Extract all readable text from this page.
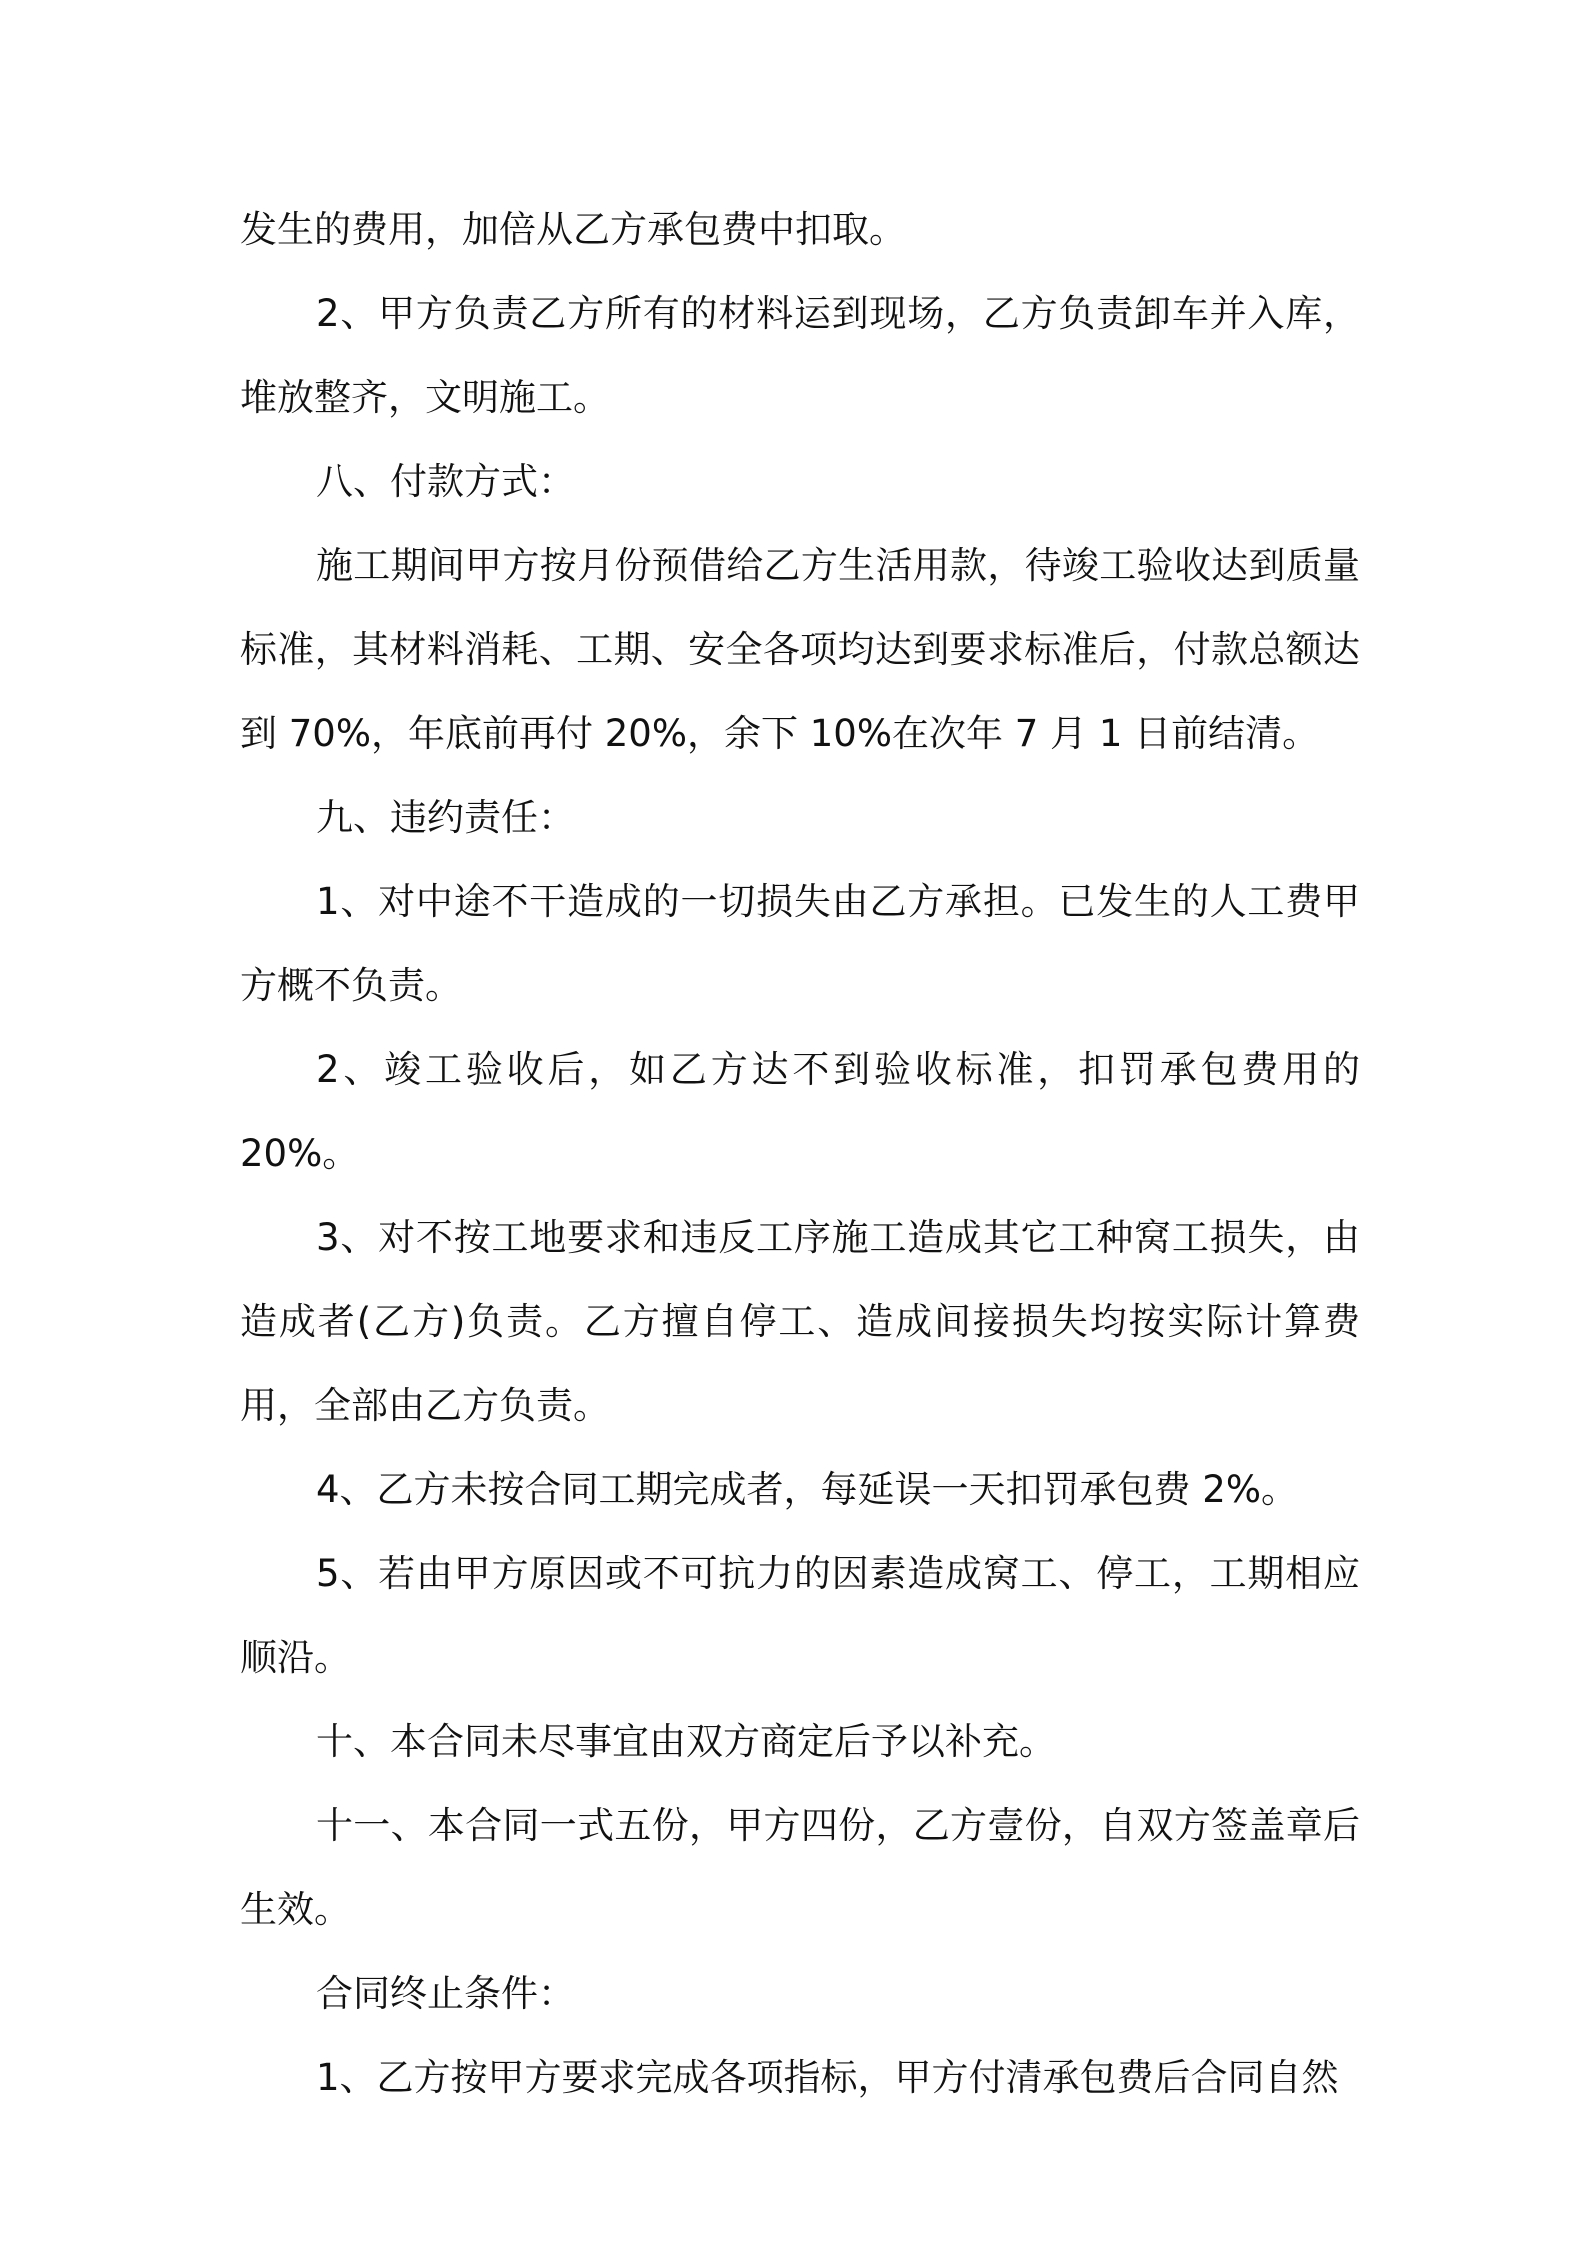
发生的费用，加倍从乙方承包费中扣取。

2、甲方负责乙方所有的材料运到现场，乙方负责卸车并入库，堆放整齐，文明施工。

八、付款方式：

施工期间甲方按月份预借给乙方生活用款，待竣工验收达到质量标准，其材料消耗、工期、安全各项均达到要求标准后，付款总额达到 70%，年底前再付 20%，余下 10%在次年 7 月 1 日前结清。

九、违约责任：

1、对中途不干造成的一切损失由乙方承担。已发生的人工费甲方概不负责。

2、竣工验收后，如乙方达不到验收标准，扣罚承包费用的 20%。

3、对不按工地要求和违反工序施工造成其它工种窝工损失，由造成者(乙方)负责。乙方擅自停工、造成间接损失均按实际计算费用，全部由乙方负责。

4、乙方未按合同工期完成者，每延误一天扣罚承包费 2%。

5、若由甲方原因或不可抗力的因素造成窝工、停工，工期相应顺沿。

十、本合同未尽事宜由双方商定后予以补充。

十一、本合同一式五份，甲方四份，乙方壹份，自双方签盖章后生效。

合同终止条件：

1、乙方按甲方要求完成各项指标，甲方付清承包费后合同自然
